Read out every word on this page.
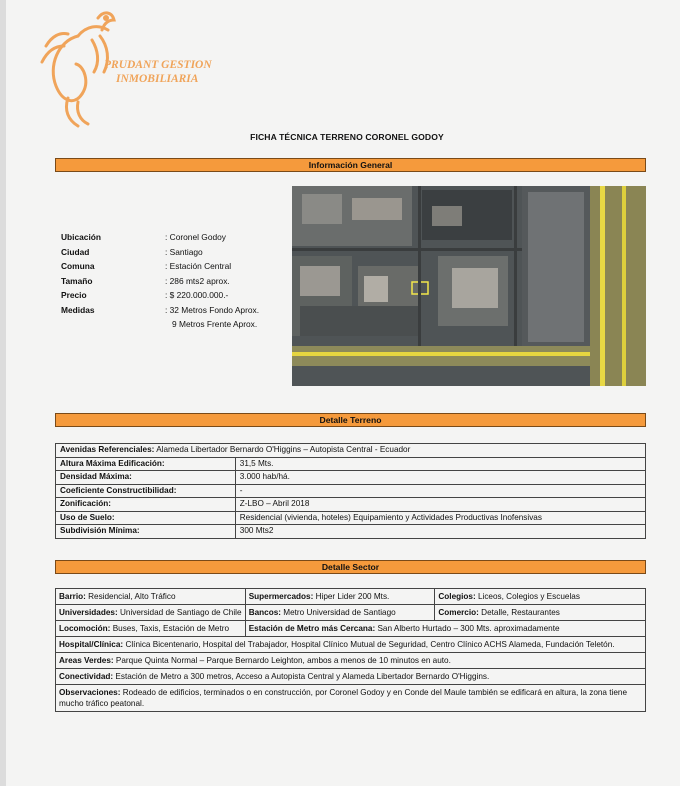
PRUDANT GESTION
INMOBILIARIA
FICHA TÉCNICA TERRENO CORONEL GODOY
Información General
Ubicación	: Coronel Godoy
Ciudad	: Santiago
Comuna	: Estación Central
Tamaño	: 286 mts2 aprox.
Precio	: $ 220.000.000.-
Medidas	: 32 Metros Fondo Aprox.
9 Metros Frente Aprox.
Detalle Terreno
Avenidas Referenciales: Alameda Libertador Bernardo O'Higgins – Autopista Central - Ecuador	
Altura Máxima Edificación:	31,5 Mts.
Densidad Máxima:	3.000 hab/há.
Coeficiente Constructibilidad:	-
Zonificación:	Z-LBO – Abril 2018
Uso de Suelo:	Residencial (vivienda, hoteles) Equipamiento y Actividades Productivas Inofensivas
Subdivisión Mínima:	300 Mts2
Detalle Sector
Barrio: Residencial, Alto Tráfico	Supermercados: Hiper Lider 200 Mts.	Colegios: Liceos, Colegios y Escuelas
Universidades: Universidad de Santiago de Chile	Bancos: Metro Universidad de Santiago	Comercio: Detalle, Restaurantes
Locomoción: Buses, Taxis, Estación de Metro	Estación de Metro más Cercana: San Alberto Hurtado – 300 Mts. aproximadamente	
Hospital/Clínica: Clínica Bicentenario, Hospital del Trabajador, Hospital Clínico Mutual de Seguridad, Centro Clínico ACHS Alameda, Fundación Teletón.		
Areas Verdes: Parque Quinta Normal – Parque Bernardo Leighton, ambos a menos de 10 minutos en auto.		
Conectividad: Estación de Metro a 300 metros, Acceso a Autopista Central y Alameda Libertador Bernardo O'Higgins.		
Observaciones: Rodeado de edificios, terminados o en construcción, por Coronel Godoy y en Conde del Maule también se edificará en altura, la zona tiene mucho tráfico peatonal.		
